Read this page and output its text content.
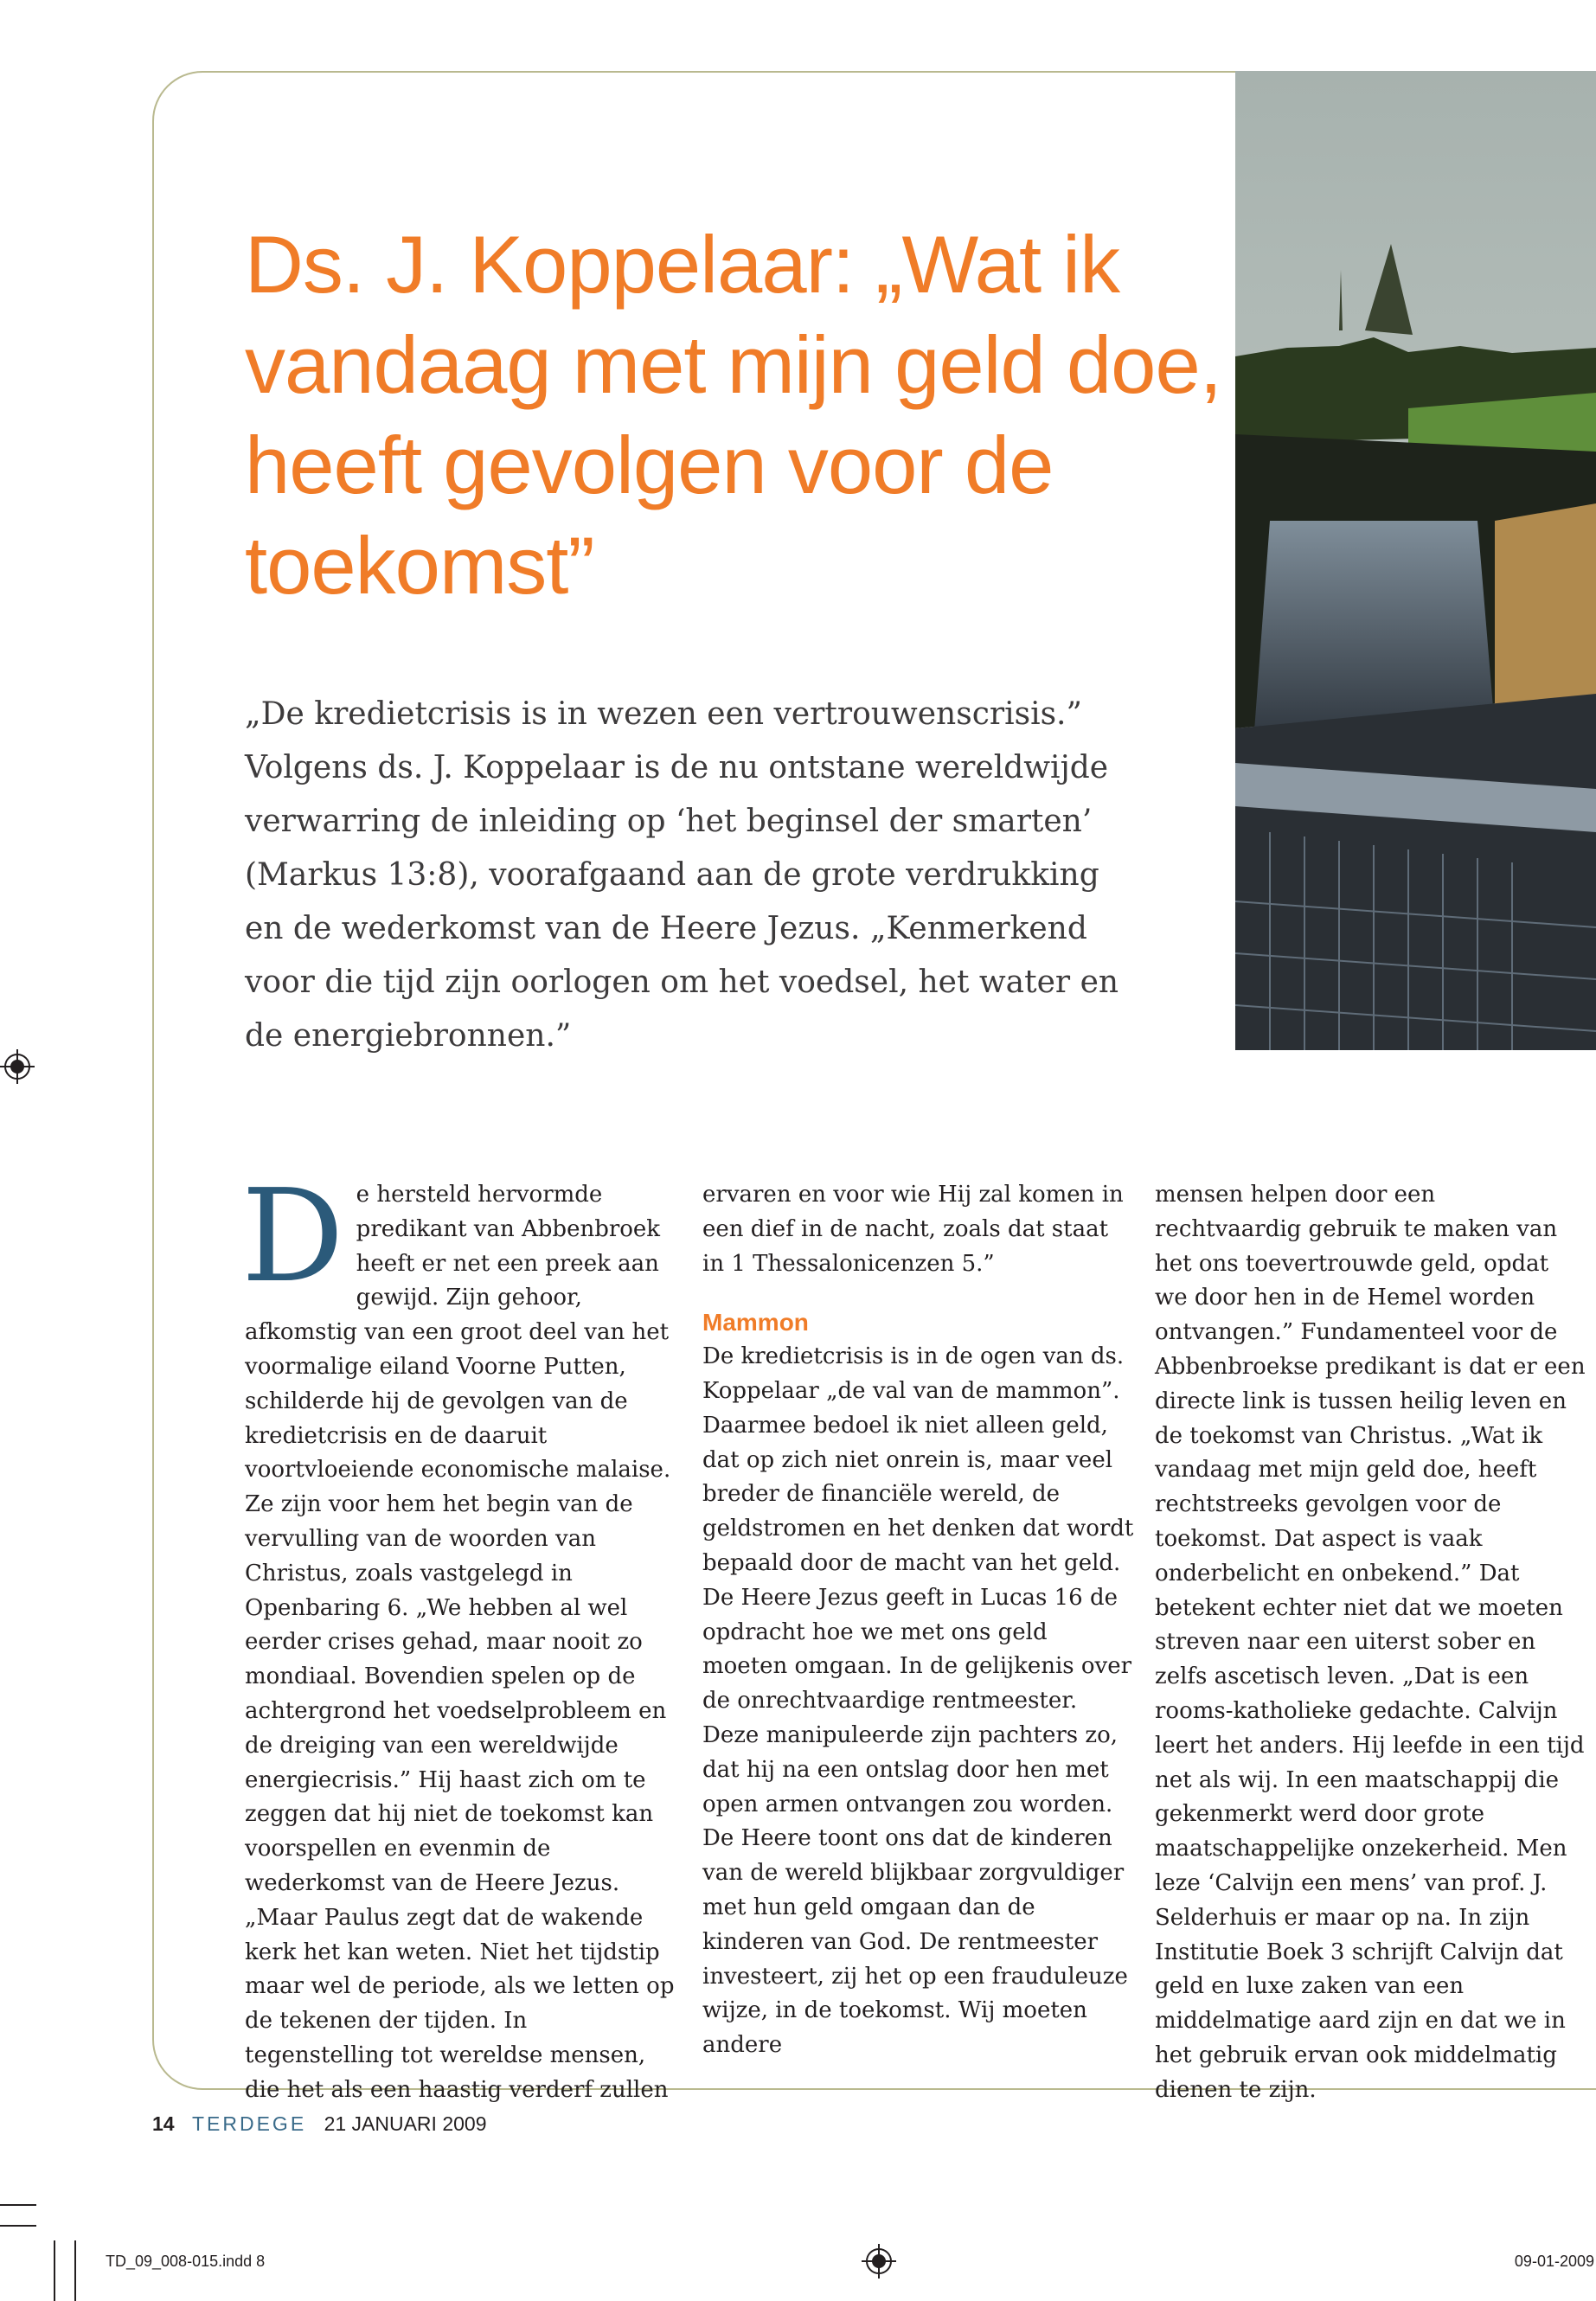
Ds. J. Koppelaar: „Wat ik vandaag met mijn geld doe, heeft gevolgen voor de toekomst”

„De kredietcrisis is in wezen een vertrouwenscrisis.” Volgens ds. J. Koppelaar is de nu ontstane wereldwijde verwarring de inleiding op ‘het beginsel der smarten’ (Markus 13:8), voorafgaand aan de grote verdrukking en de wederkomst van de Heere Jezus. „Kenmerkend voor die tijd zijn oorlogen om het voedsel, het water en de energiebronnen.”

De hersteld hervormde predikant van Abbenbroek heeft er net een preek aan gewijd. Zijn gehoor, afkomstig van een groot deel van het voormalige eiland Voorne Putten, schilderde hij de gevolgen van de kredietcrisis en de daaruit voortvloeiende economische malaise. Ze zijn voor hem het begin van de vervulling van de woorden van Christus, zoals vastgelegd in Openbaring 6. „We hebben al wel eerder crises gehad, maar nooit zo mondiaal. Bovendien spelen op de achtergrond het voedselprobleem en de dreiging van een wereldwijde energiecrisis.” Hij haast zich om te zeggen dat hij niet de toekomst kan voorspellen en evenmin de wederkomst van de Heere Jezus. „Maar Paulus zegt dat de wakende kerk het kan weten. Niet het tijdstip maar wel de periode, als we letten op de tekenen der tijden. In tegenstelling tot wereldse mensen, die het als een haastig verderf zullen
ervaren en voor wie Hij zal komen in een dief in de nacht, zoals dat staat in 1 Thessalonicenzen 5.”
Mammon
De kredietcrisis is in de ogen van ds. Koppelaar „de val van de mammon”. Daarmee bedoel ik niet alleen geld, dat op zich niet onrein is, maar veel breder de financiële wereld, de geldstromen en het denken dat wordt bepaald door de macht van het geld. De Heere Jezus geeft in Lucas 16 de opdracht hoe we met ons geld moeten omgaan. In de gelijkenis over de onrechtvaardige rentmeester. Deze manipuleerde zijn pachters zo, dat hij na een ontslag door hen met open armen ontvangen zou worden. De Heere toont ons dat de kinderen van de wereld blijkbaar zorgvuldiger met hun geld omgaan dan de kinderen van God. De rentmeester investeert, zij het op een frauduleuze wijze, in de toekomst. Wij moeten andere
mensen helpen door een rechtvaardig gebruik te maken van het ons toevertrouwde geld, opdat we door hen in de Hemel worden ontvangen.” Fundamenteel voor de Abbenbroekse predikant is dat er een directe link is tussen heilig leven en de toekomst van Christus. „Wat ik vandaag met mijn geld doe, heeft rechtstreeks gevolgen voor de toekomst. Dat aspect is vaak onderbelicht en onbekend.” Dat betekent echter niet dat we moeten streven naar een uiterst sober en zelfs ascetisch leven. „Dat is een rooms-katholieke gedachte. Calvijn leert het anders. Hij leefde in een tijd net als wij. In een maatschappij die gekenmerkt werd door grote maatschappelijke onzekerheid. Men leze ‘Calvijn een mens’ van prof. J. Selderhuis er maar op na. In zijn Institutie Boek 3 schrijft Calvijn dat geld en luxe zaken van een middelmatige aard zijn en dat we in het gebruik ervan ook middelmatig dienen te zijn.

14 TERDEGE 21 JANUARI 2009

TD_09_008-015.indd 8	09-01-2009
